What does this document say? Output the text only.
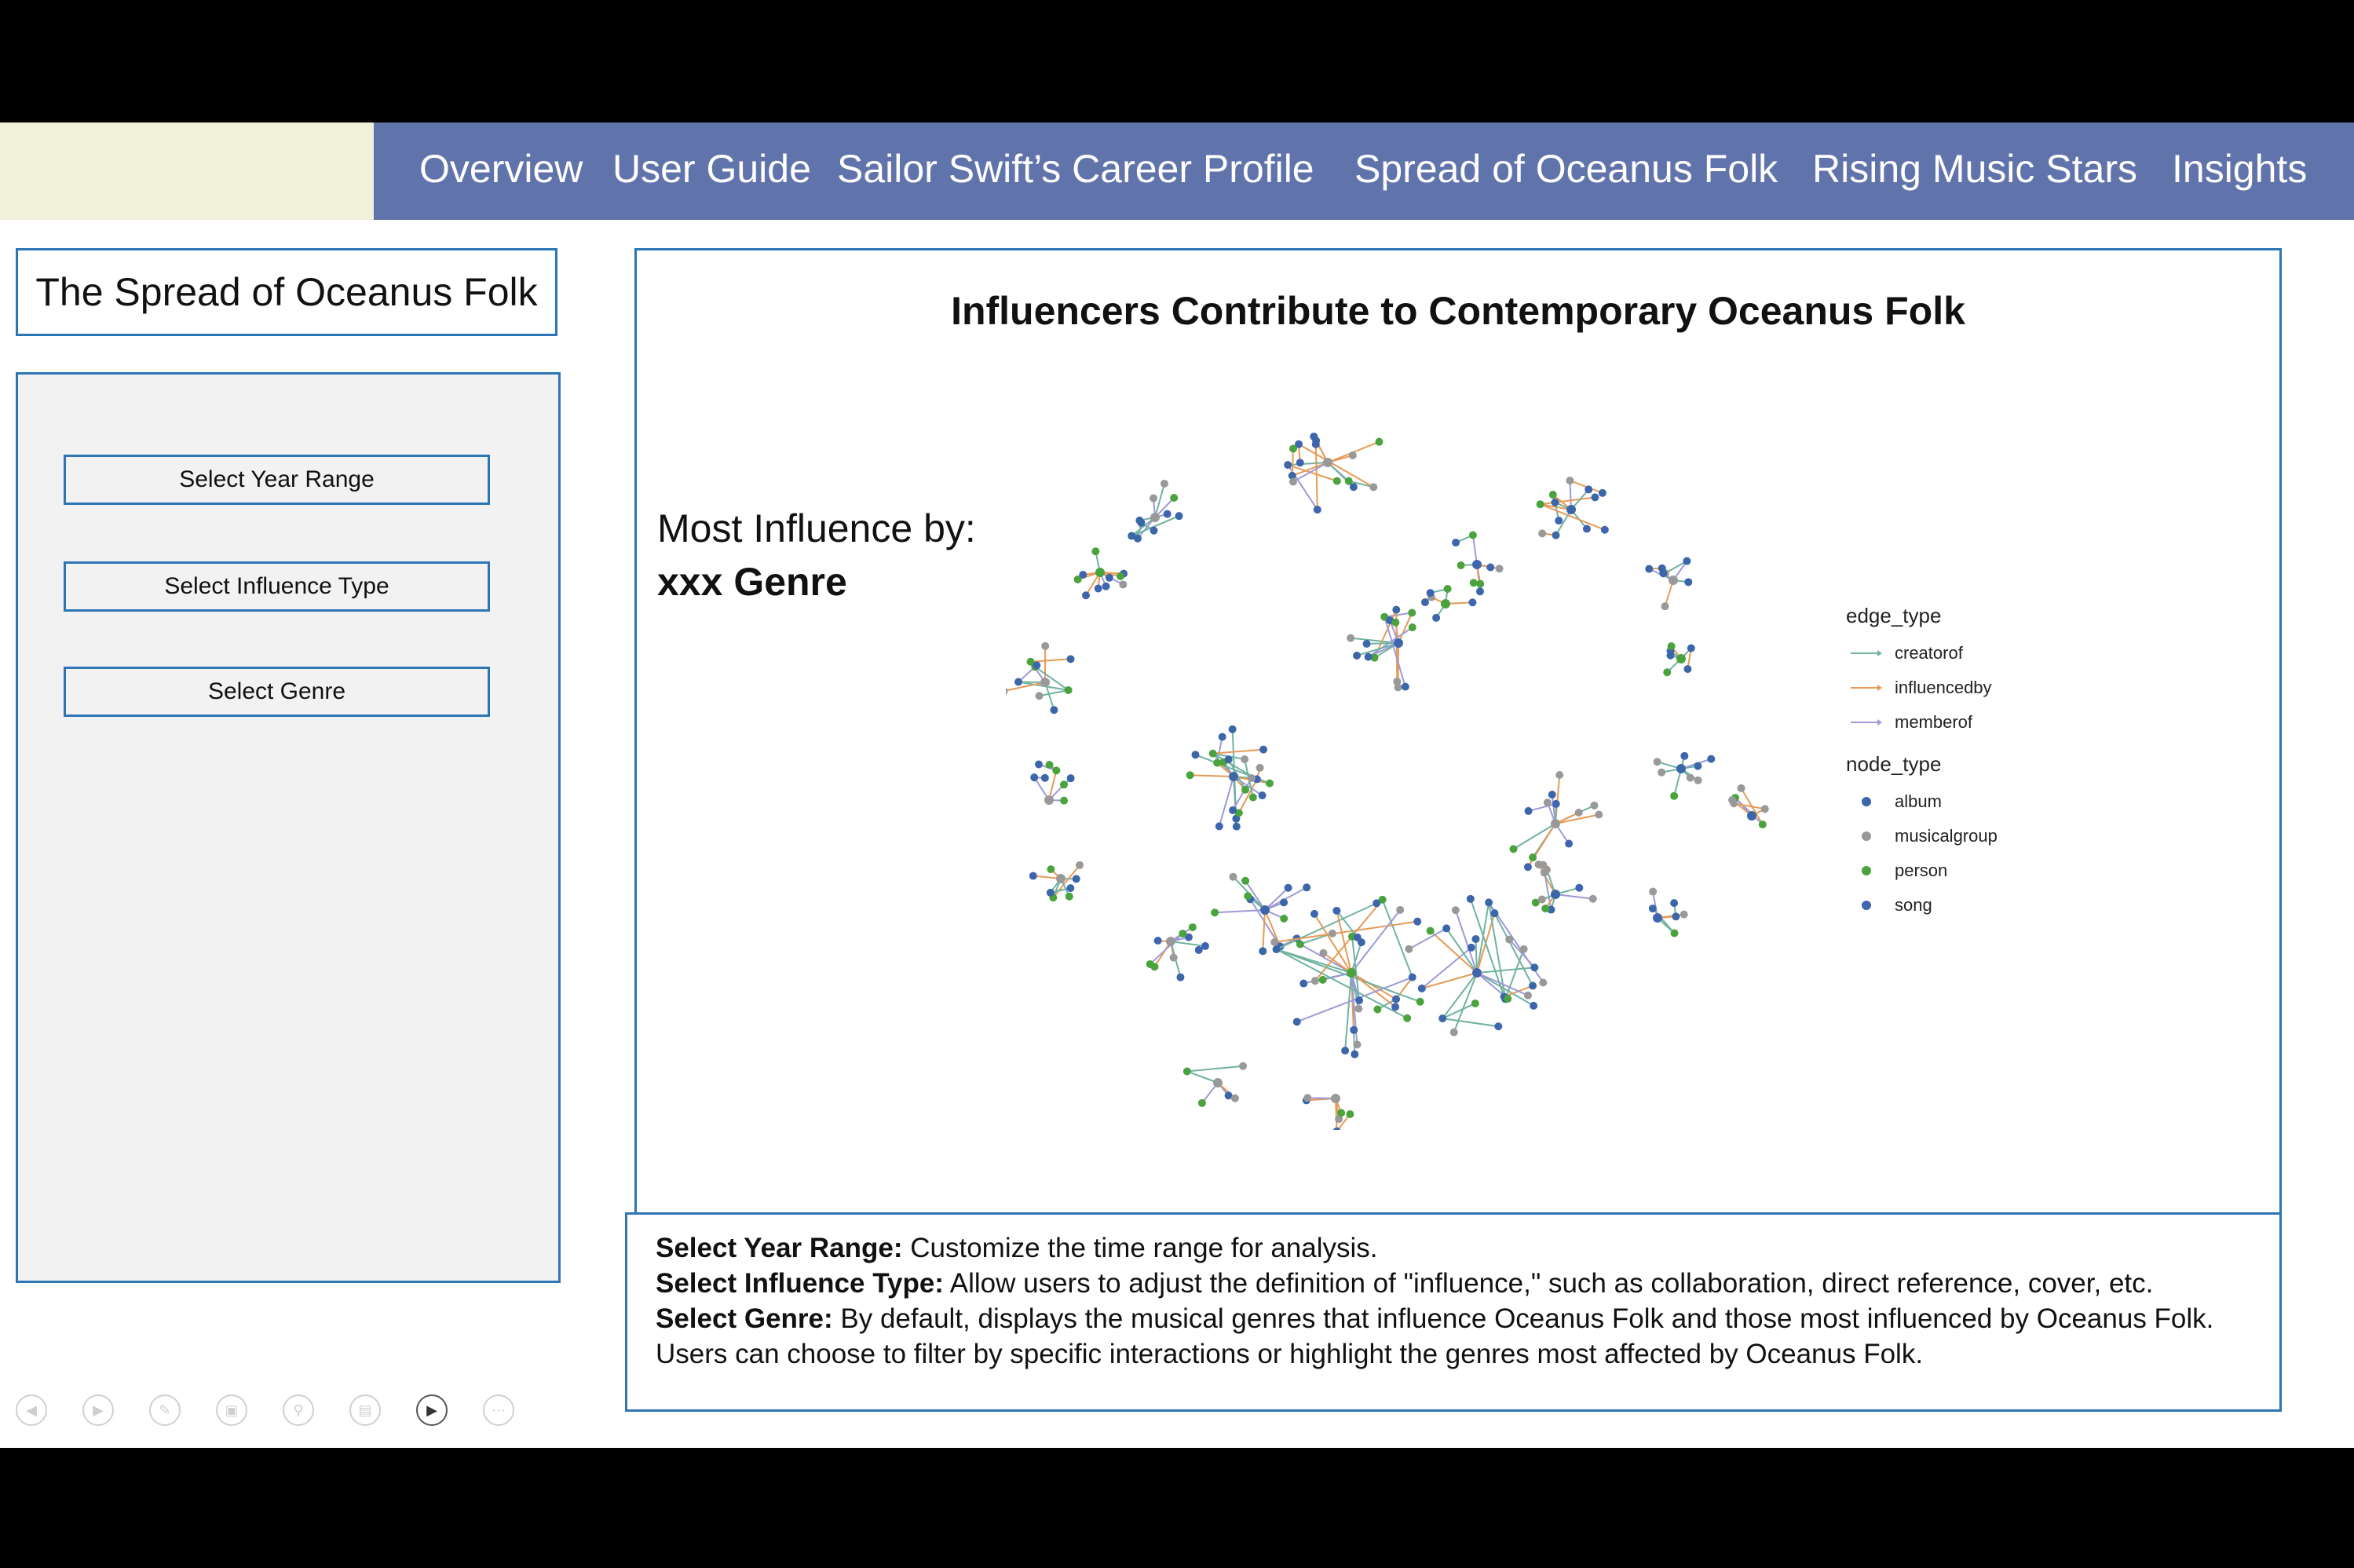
Overview User Guide Sailor Swift’s Career Profile Spread of Oceanus Folk Rising Music Stars Insights
The Spread of Oceanus Folk
Select Year Range
Select Influence Type
Select Genre
Influencers Contribute to Contemporary Oceanus Folk
Most Influence by:
xxx Genre
edge_type
creatorof
influencedby
memberof
node_type
album
musicalgroup
person
song
Select Year Range: Customize the time range for analysis.
Select Influence Type: Allow users to adjust the definition of "influence," such as collaboration, direct reference, cover, etc.
Select Genre: By default, displays the musical genres that influence Oceanus Folk and those most influenced by Oceanus Folk. Users can choose to filter by specific interactions or highlight the genres most affected by Oceanus Folk.
◀	▶	✎	▣	⚲	▤	▶	⋯
